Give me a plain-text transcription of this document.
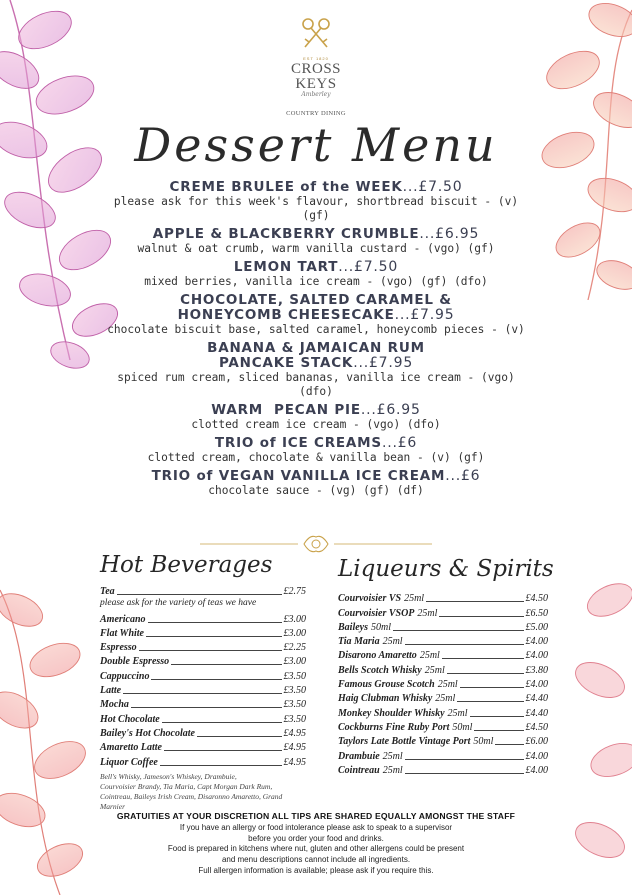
EST 1820
CROSS
KEYS
Amberley
COUNTRY DINING
Dessert Menu
CREME BRULEE of the WEEK...£7.50
please ask for this week's flavour, shortbread biscuit - (v) (gf)
APPLE & BLACKBERRY CRUMBLE...£6.95
walnut & oat crumb, warm vanilla custard - (vgo) (gf)
LEMON TART...£7.50
mixed berries, vanilla ice cream - (vgo) (gf) (dfo)
CHOCOLATE, SALTED CARAMEL &
HONEYCOMB CHEESECAKE...£7.95
chocolate biscuit base, salted caramel, honeycomb pieces - (v)
BANANA & JAMAICAN RUM
PANCAKE STACK...£7.95
spiced rum cream, sliced bananas, vanilla ice cream - (vgo) (dfo)
WARM  PECAN PIE...£6.95
clotted cream ice cream - (vgo) (dfo)
TRIO of ICE CREAMS...£6
clotted cream, chocolate & vanilla bean - (v) (gf)
TRIO of VEGAN VANILLA ICE CREAM...£6
chocolate sauce - (vg) (gf) (df)
Hot Beverages
Tea	£2.75
please ask for the variety of teas we have
Americano	£3.00
Flat White	£3.00
Espresso	£2.25
Double Espresso	£3.00
Cappuccino	£3.50
Latte	£3.50
Mocha	£3.50
Hot Chocolate	£3.50
Bailey's Hot Chocolate	£4.95
Amaretto Latte	£4.95
Liquor Coffee	£4.95
Bell's Whisky, Jameson's Whiskey, Drambuie,
Courvoisier Brandy, Tia Maria, Capt Morgan Dark Rum,
Cointreau, Baileys Irish Cream, Disaronno Amaretto, Grand Marnier
Liqueurs & Spirits
Courvoisier VS 25ml	£4.50
Courvoisier VSOP 25ml	£6.50
Baileys 50ml	£5.00
Tia Maria 25ml	£4.00
Disarono Amaretto 25ml	£4.00
Bells Scotch Whisky 25ml	£3.80
Famous Grouse Scotch 25ml	£4.00
Haig Clubman Whisky 25ml	£4.40
Monkey Shoulder Whisky 25ml	£4.40
Cockburns Fine Ruby Port 50ml	£4.50
Taylors Late Bottle Vintage Port 50ml	£6.00
Drambuie 25ml	£4.00
Cointreau 25ml	£4.00
GRATUITIES AT YOUR DISCRETION ALL TIPS ARE SHARED EQUALLY AMONGST THE STAFF
If you have an allergy or food intolerance please ask to speak to a supervisor
before you order your food and drinks.
Food is prepared in kitchens where nut, gluten and other allergens could be present
and menu descriptions cannot include all ingredients.
Full allergen information is available; please ask if you require this.
